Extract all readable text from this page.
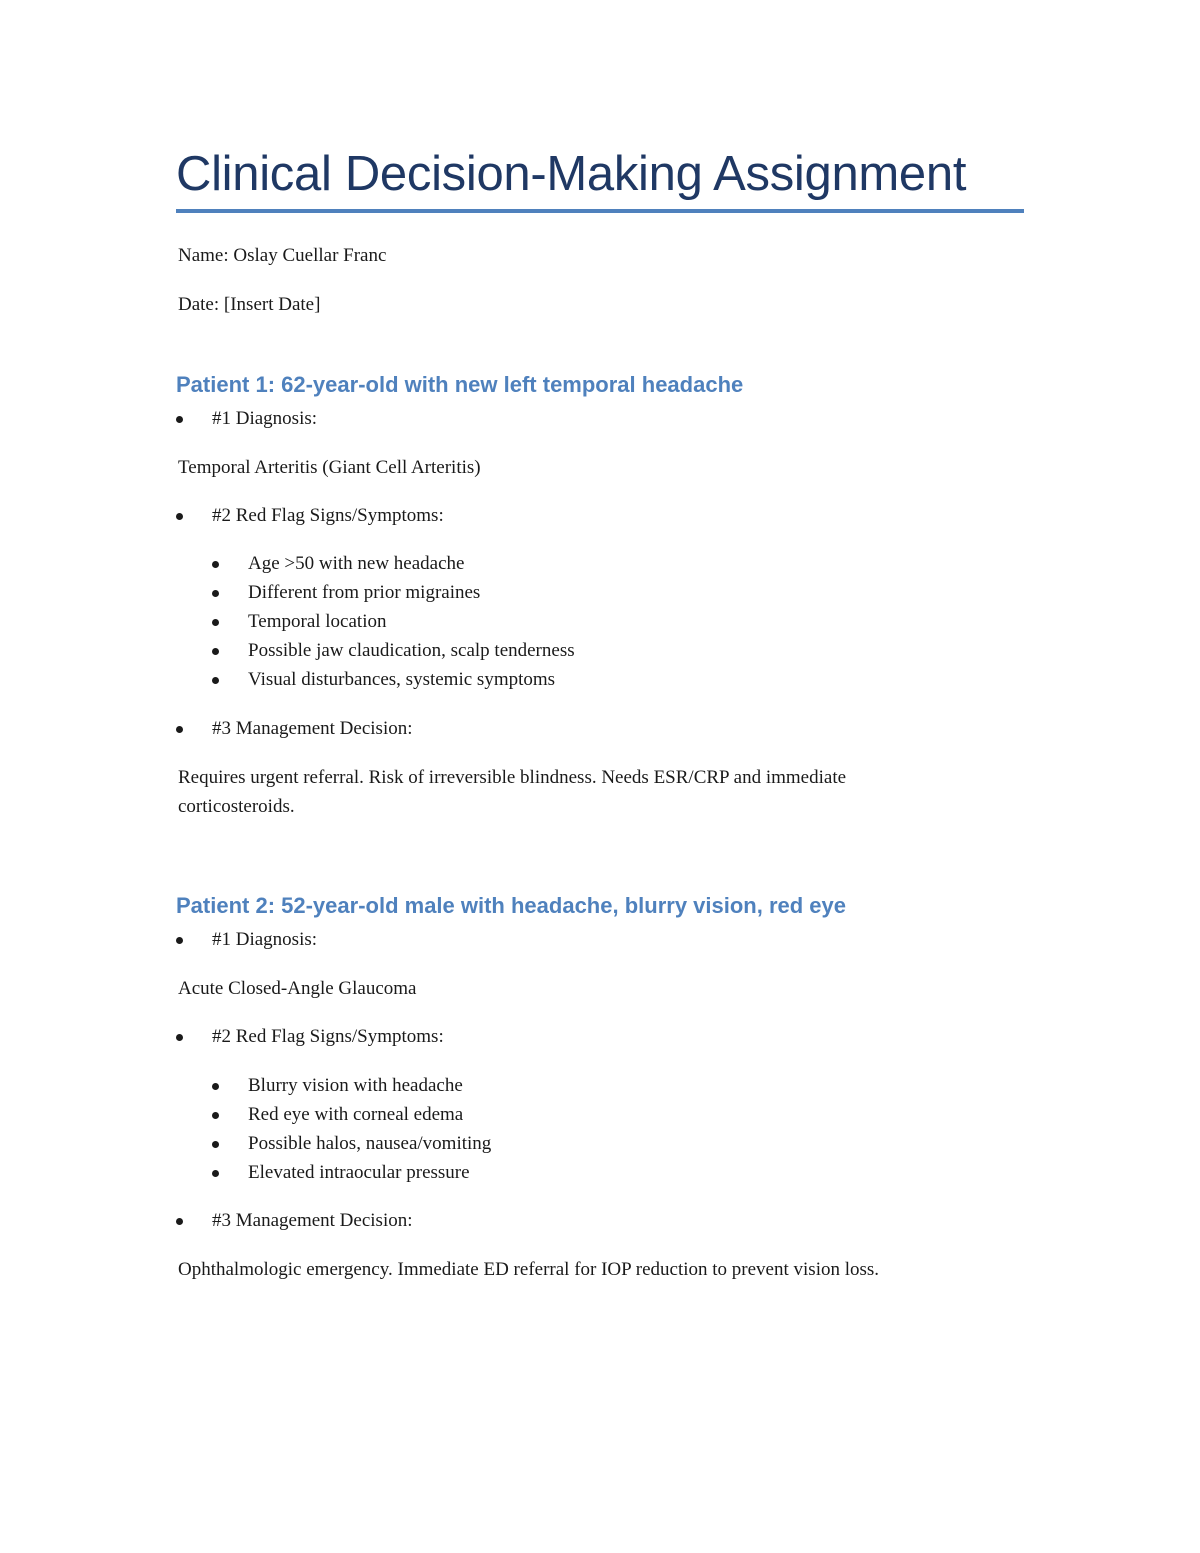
Clinical Decision-Making Assignment
Name: Oslay Cuellar Franc
Date: [Insert Date]
Patient 1: 62-year-old with new left temporal headache
#1 Diagnosis:
Temporal Arteritis (Giant Cell Arteritis)
#2 Red Flag Signs/Symptoms:
Age >50 with new headache
Different from prior migraines
Temporal location
Possible jaw claudication, scalp tenderness
Visual disturbances, systemic symptoms
#3 Management Decision:
Requires urgent referral. Risk of irreversible blindness. Needs ESR/CRP and immediate
corticosteroids.
Patient 2: 52-year-old male with headache, blurry vision, red eye
#1 Diagnosis:
Acute Closed-Angle Glaucoma
#2 Red Flag Signs/Symptoms:
Blurry vision with headache
Red eye with corneal edema
Possible halos, nausea/vomiting
Elevated intraocular pressure
#3 Management Decision:
Ophthalmologic emergency. Immediate ED referral for IOP reduction to prevent vision loss.
